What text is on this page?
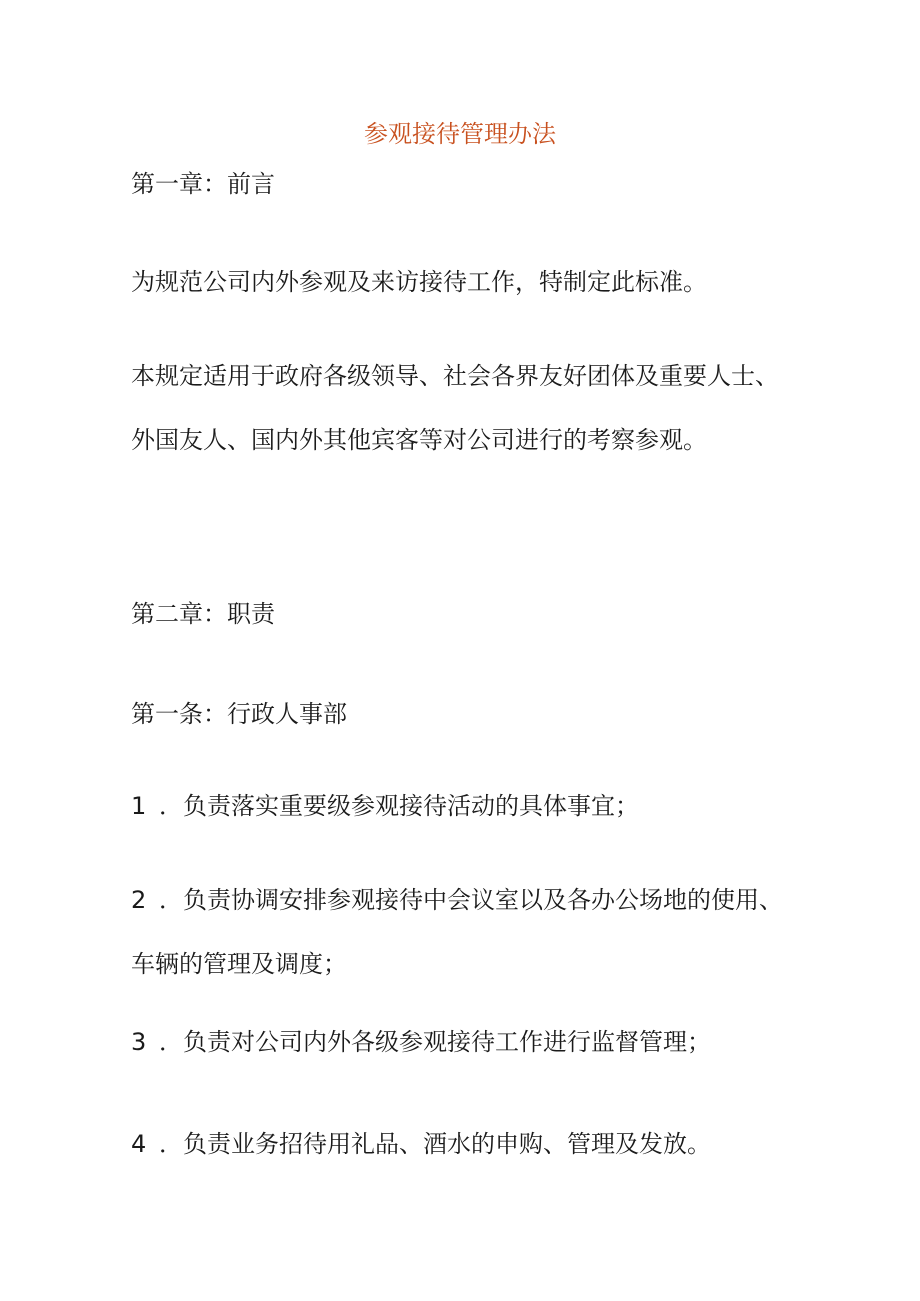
参观接待管理办法
第一章：前言
为规范公司内外参观及来访接待工作，特制定此标准。
本规定适用于政府各级领导、社会各界友好团体及重要人士、外国友人、国内外其他宾客等对公司进行的考察参观。
第二章：职责
第一条：行政人事部
1 ．负责落实重要级参观接待活动的具体事宜；
2 ．负责协调安排参观接待中会议室以及各办公场地的使用、车辆的管理及调度；
3 ．负责对公司内外各级参观接待工作进行监督管理；
4 ．负责业务招待用礼品、酒水的申购、管理及发放。
